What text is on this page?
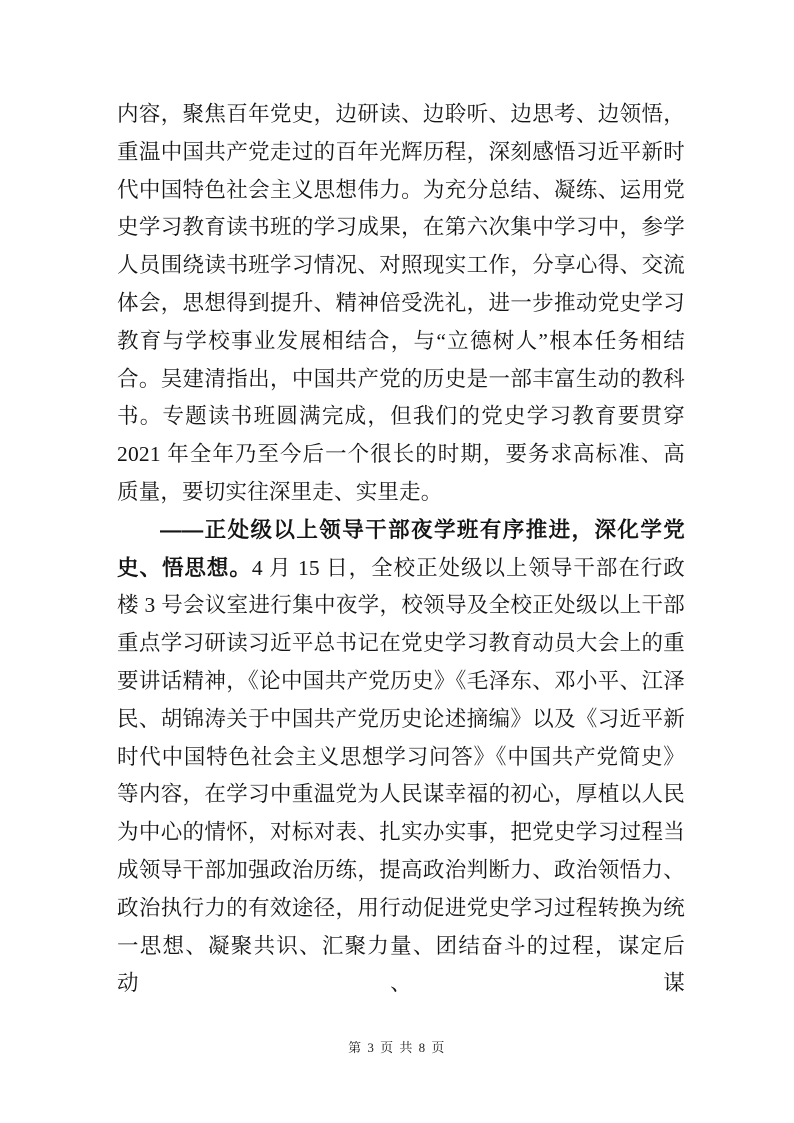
内容，聚焦百年党史，边研读、边聆听、边思考、边领悟，重温中国共产党走过的百年光辉历程，深刻感悟习近平新时代中国特色社会主义思想伟力。为充分总结、凝练、运用党史学习教育读书班的学习成果，在第六次集中学习中，参学人员围绕读书班学习情况、对照现实工作，分享心得、交流体会，思想得到提升、精神倍受洗礼，进一步推动党史学习教育与学校事业发展相结合，与“立德树人”根本任务相结合。吴建清指出，中国共产党的历史是一部丰富生动的教科书。专题读书班圆满完成，但我们的党史学习教育要贯穿 2021 年全年乃至今后一个很长的时期，要务求高标准、高质量，要切实往深里走、实里走。

——正处级以上领导干部夜学班有序推进，深化学党史、悟思想。4 月 15 日，全校正处级以上领导干部在行政楼 3 号会议室进行集中夜学，校领导及全校正处级以上干部重点学习研读习近平总书记在党史学习教育动员大会上的重要讲话精神，《论中国共产党历史》《毛泽东、邓小平、江泽民、胡锦涛关于中国共产党历史论述摘编》以及《习近平新时代中国特色社会主义思想学习问答》《中国共产党简史》等内容，在学习中重温党为人民谋幸福的初心，厚植以人民为中心的情怀，对标对表、扎实办实事，把党史学习过程当成领导干部加强政治历练，提高政治判断力、政治领悟力、政治执行力的有效途径，用行动促进党史学习过程转换为统一思想、凝聚共识、汇聚力量、团结奋斗的过程，谋定后动、谋

第 3 页 共 8 页
